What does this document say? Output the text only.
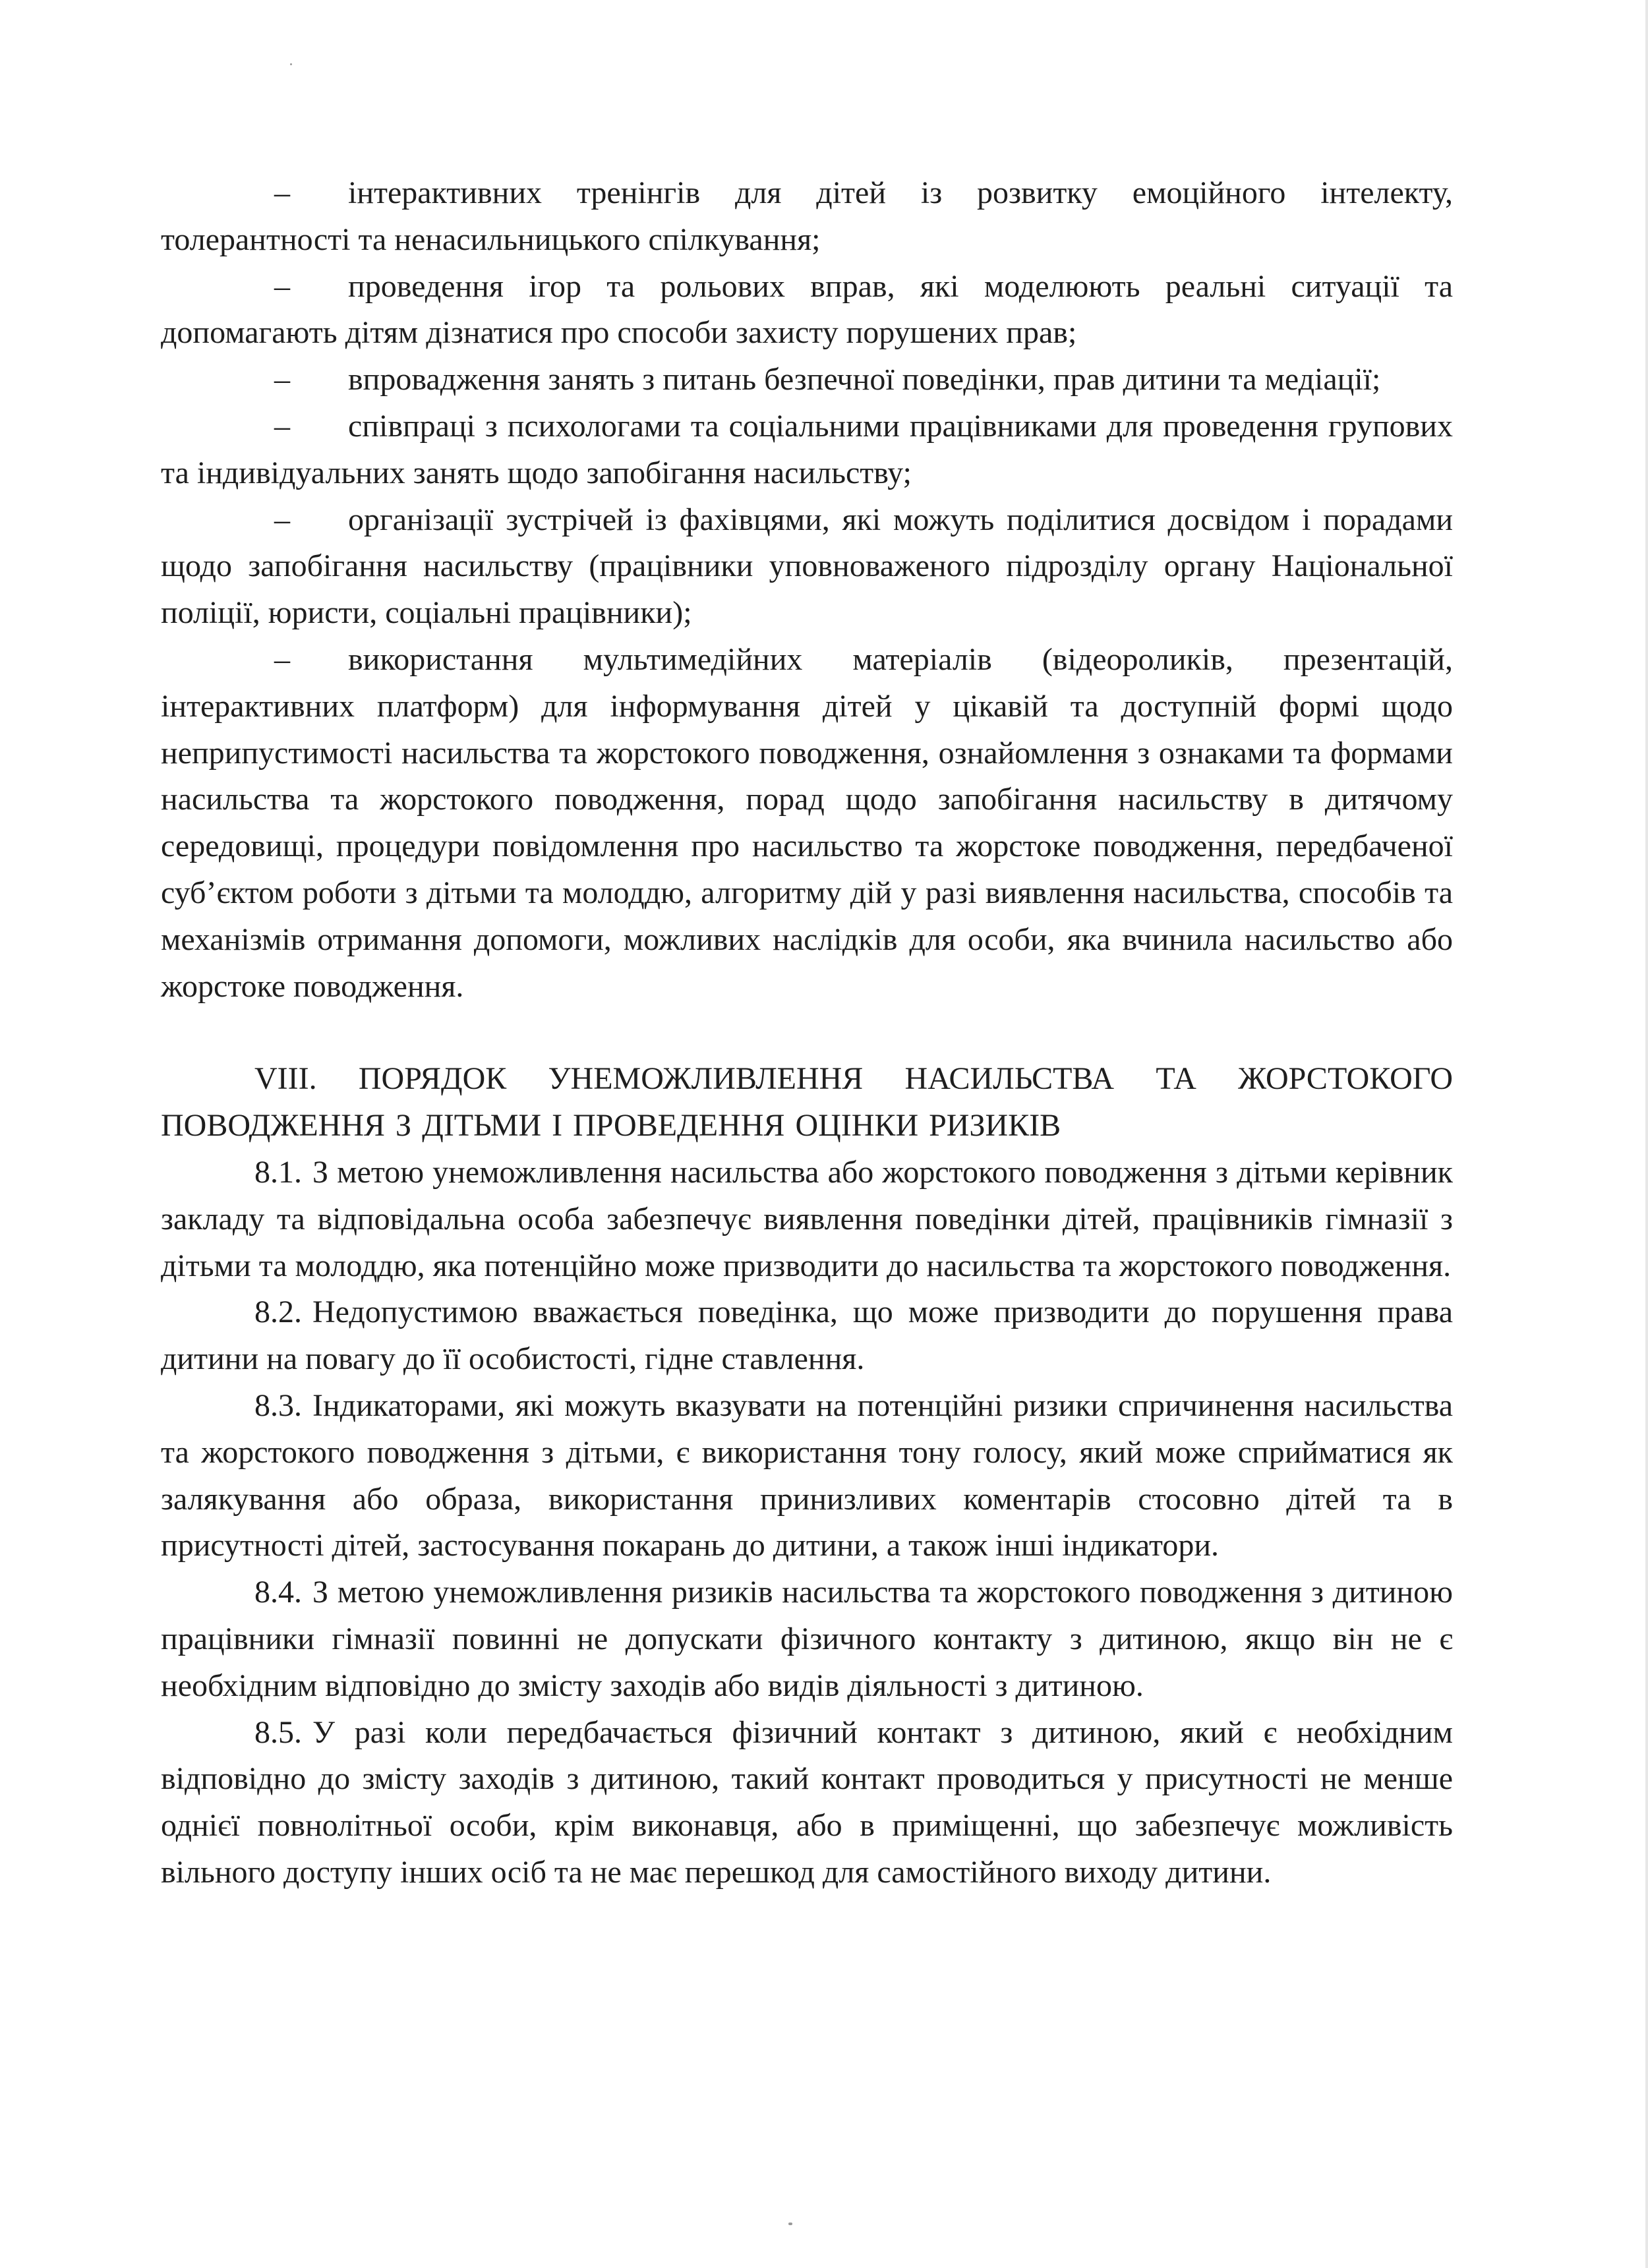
– інтерактивних тренінгів для дітей із розвитку емоційного інтелекту, толерантності та ненасильницького спілкування;

– проведення ігор та рольових вправ, які моделюють реальні ситуації та допомагають дітям дізнатися про способи захисту порушених прав;

– впровадження занять з питань безпечної поведінки, прав дитини та медіації;

– співпраці з психологами та соціальними працівниками для проведення групових та індивідуальних занять щодо запобігання насильству;

– організації зустрічей із фахівцями, які можуть поділитися досвідом і порадами щодо запобігання насильству (працівники уповноваженого підрозділу органу Національної поліції, юристи, соціальні працівники);

– використання мультимедійних матеріалів (відеороликів, презентацій, інтерактивних платформ) для інформування дітей у цікавій та доступній формі щодо неприпустимості насильства та жорстокого поводження, ознайомлення з ознаками та формами насильства та жорстокого поводження, порад щодо запобігання насильству в дитячому середовищі, процедури повідомлення про насильство та жорстоке поводження, передбаченої суб’єктом роботи з дітьми та молоддю, алгоритму дій у разі виявлення насильства, способів та механізмів отримання допомоги, можливих наслідків для особи, яка вчинила насильство або жорстоке поводження.

VIII. ПОРЯДОК УНЕМОЖЛИВЛЕННЯ НАСИЛЬСТВА ТА ЖОРСТОКОГО ПОВОДЖЕННЯ З ДІТЬМИ І ПРОВЕДЕННЯ ОЦІНКИ РИЗИКІВ

8.1. З метою унеможливлення насильства або жорстокого поводження з дітьми керівник закладу та відповідальна особа забезпечує виявлення поведінки дітей, працівників гімназії з дітьми та молоддю, яка потенційно може призводити до насильства та жорстокого поводження.

8.2. Недопустимою вважається поведінка, що може призводити до порушення права дитини на повагу до її особистості, гідне ставлення.

8.3. Індикаторами, які можуть вказувати на потенційні ризики спричинення насильства та жорстокого поводження з дітьми, є використання тону голосу, який може сприйматися як залякування або образа, використання принизливих коментарів стосовно дітей та в присутності дітей, застосування покарань до дитини, а також інші індикатори.

8.4. З метою унеможливлення ризиків насильства та жорстокого поводження з дитиною працівники гімназії повинні не допускати фізичного контакту з дитиною, якщо він не є необхідним відповідно до змісту заходів або видів діяльності з дитиною.

8.5. У разі коли передбачається фізичний контакт з дитиною, який є необхідним відповідно до змісту заходів з дитиною, такий контакт проводиться у присутності не менше однієї повнолітньої особи, крім виконавця, або в приміщенні, що забезпечує можливість вільного доступу інших осіб та не має перешкод для самостійного виходу дитини.
